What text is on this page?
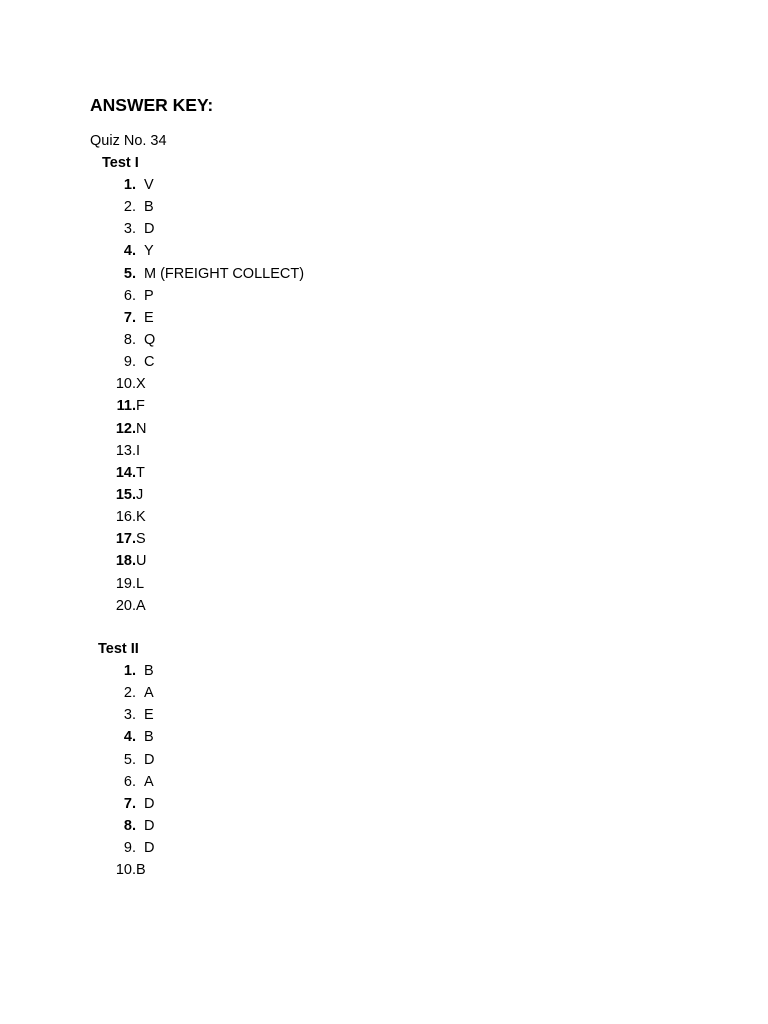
ANSWER KEY:
Quiz No. 34
Test I
1. V
2. B
3. D
4. Y
5. M (FREIGHT COLLECT)
6. P
7. E
8. Q
9. C
10.X
11.F
12.N
13.I
14.T
15.J
16.K
17.S
18.U
19.L
20.A
Test II
1. B
2. A
3. E
4. B
5. D
6. A
7. D
8. D
9. D
10.B
